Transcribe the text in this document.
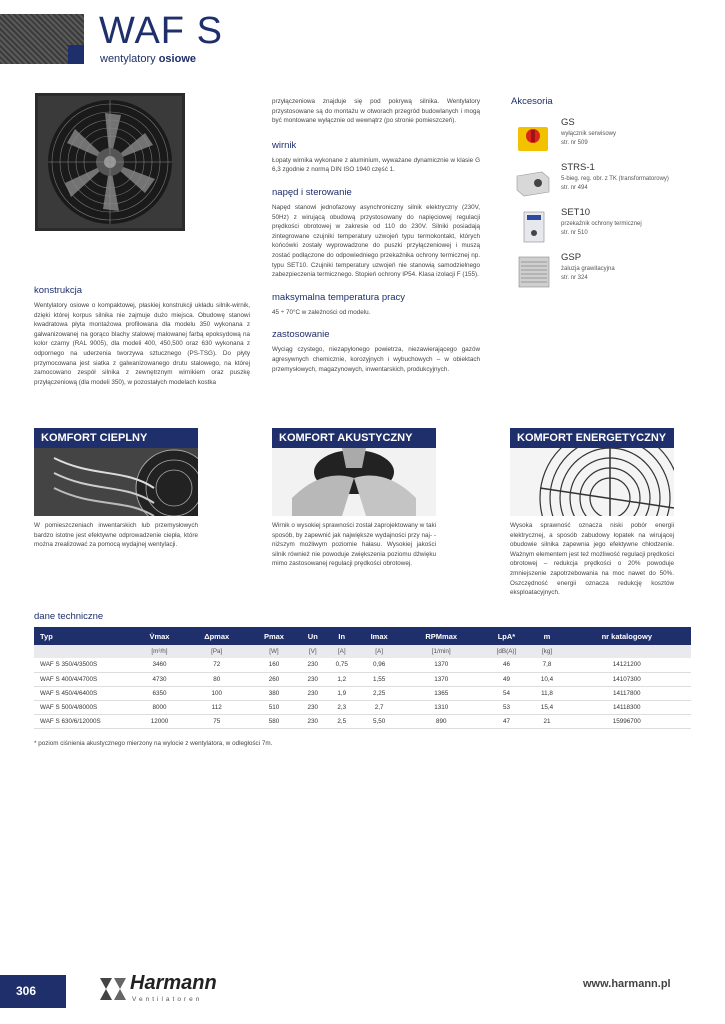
WAF S
wentylatory osiowe
konstrukcja
Wentylatory osiowe o kompaktowej, płaskiej konstrukcji układu silnik-wirnik, dzięki której korpus silnika nie zajmuje dużo miejsca. Obudowę stanowi kwadratowa płyta montażowa profilowana dla modelu 350 wykonana z galwanizowanej na gorąco blachy stalowej malowanej farbą epoksydową na kolor czarny (RAL 9005), dla modeli 400, 450,500 oraz 630 wykonana z odpornego na uderzenia tworzywa sztucznego (PS-TSG). Do płyty przymocowana jest siatka z galwanizowanego drutu stalowego, na której zamocowano zespół silnika z zewnętrznym wirnikiem oraz puszkę przyłączeniową (dla modeli 350), w pozostałych modelach kostka
przyłączeniowa znajduje się pod pokrywą silnika. Wentylatory przystosowane są do montażu w otworach przegród budowlanych i mogą być montowane wyłącznie od wewnątrz (po stronie pomieszczeń).
wirnik
Łopaty wirnika wykonane z aluminium, wyważane dynamicznie w klasie G 6,3 zgodnie z normą DIN ISO 1940 część 1.
napęd i sterowanie
Napęd stanowi jednofazowy asynchroniczny silnik elektryczny (230V, 50Hz) z wirującą obudową przystosowany do napięciowej regulacji prędkości obrotowej w zakresie od 110 do 230V. Silniki posiadają zintegrowane czujniki temperatury uzwojeń typu termokontakt, których końcówki zostały wyprowadzone do puszki przyłączeniowej i muszą zostać podłączone do odpowiedniego przekaźnika ochrony termicznej np. typu SET10. Czujniki temperatury uzwojeń nie stanowią samodzielnego zabezpieczenia termicznego. Stopień ochrony IP54. Klasa izolacji F (155).
maksymalna temperatura pracy
45 ÷ 70°C w zależności od modelu.
zastosowanie
Wyciąg czystego, niezapylonego powietrza, niezawierającego gazów agresywnych chemicznie, korozyjnych i wybuchowych – w obiektach przemysłowych, magazynowych, inwentarskich, produkcyjnych.
Akcesoria
GS
wyłącznik serwisowy
str. nr 509
STRS-1
5-bieg. reg. obr. z TK (transformatorowy)
str. nr 494
SET10
przekaźnik ochrony termicznej
str. nr 510
GSP
żaluzja grawitacyjna
str. nr 324
KOMFORT CIEPLNY
W pomieszczeniach inwentarskich lub przemysłowych bardzo istotne jest efektywne odprowadzenie ciepła, które można zrealizować za pomocą wydajnej wentylacji.
KOMFORT AKUSTYCZNY
Wirnik o wysokiej sprawności został zaprojektowany w taki sposób, by zapewnić jak największe wydajności przy naj- -niższym możliwym poziomie hałasu. Wysokiej jakości silnik również nie powoduje zwiększenia poziomu dźwięku mimo zastosowanej regulacji prędkości obrotowej.
KOMFORT ENERGETYCZNY
Wysoka sprawność oznacza niski pobór energii elektrycznej, a sposób zabudowy łopatek na wirującej obudowie silnika zapewnia jego efektywne chłodzenie. Ważnym elementem jest też możliwość regulacji prędkości obrotowej – redukcja prędkości o 20% powoduje zmniejszenie zapotrzebowania na moc nawet do 50%. Oszczędność energii oznacza redukcję kosztów eksploatacyjnych.
dane techniczne
Typ	V̇max	Δpmax	Pmax	Un	In	Imax	RPMmax	LpA*	m	nr katalogowy
	[m³/h]	[Pa]	[W]	[V]	[A]	[A]	[1/min]	[dB(A)]	[kg]	
WAF S 350/4/3500S	3460	72	160	230	0,75	0,96	1370	46	7,8	14121200
WAF S 400/4/4700S	4730	80	260	230	1,2	1,55	1370	49	10,4	14107300
WAF S 450/4/6400S	6350	100	380	230	1,9	2,25	1365	54	11,8	14117800
WAF S 500/4/8000S	8000	112	510	230	2,3	2,7	1310	53	15,4	14118300
WAF S 630/6/12000S	12000	75	580	230	2,5	5,50	890	47	21	15996700
* poziom ciśnienia akustycznego mierzony na wylocie z wentylatora, w odległości 7m.
306	Harmann
Ventilatoren
www.harmann.pl
